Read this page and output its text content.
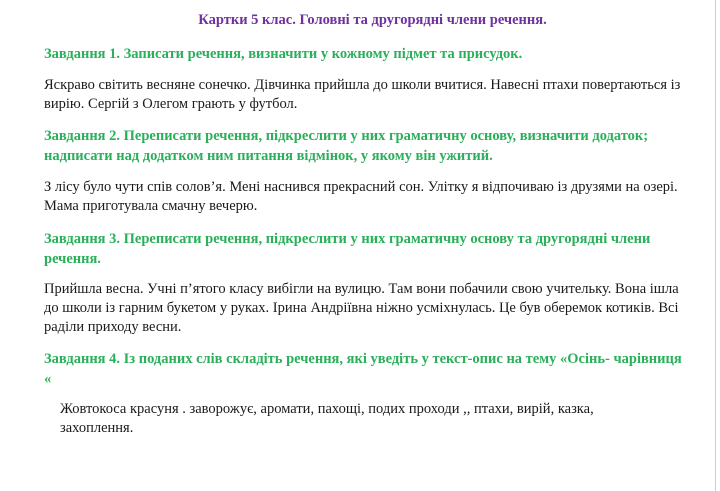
Картки 5 клас. Головні та другорядні члени речення.
Завдання 1. Записати речення, визначити у кожному підмет та присудок.
Яскраво світить весняне сонечко. Дівчинка прийшла до школи вчитися. Навесні птахи повертаються із
вирію. Сергій з Олегом грають у футбол.
Завдання 2. Переписати речення, підкреслити у них граматичну основу, визначити додаток;
надписати над додатком ним питання відмінок, у якому він ужитий.
З лісу було чути спів солов’я. Мені наснився прекрасний сон. Улітку я відпочиваю із друзями на озері.
Мама приготувала смачну вечерю.
Завдання 3. Переписати речення, підкреслити у них граматичну основу та другорядні члени
речення.
Прийшла весна. Учні п’ятого класу вибігли на вулицю. Там вони побачили свою учительку. Вона ішла
до школи із гарним букетом у руках. Ірина Андріївна ніжно усміхнулась. Це був оберемок котиків. Всі
раділи приходу весни.
Завдання 4. Із поданих слів складіть речення, які уведіть у текст-опис на тему «Осінь- чарівниця
«
Жовтокоса красуня . заворожує, аромати, пахощі, подих проходи ,, птахи, вирій, казка,
захоплення.
